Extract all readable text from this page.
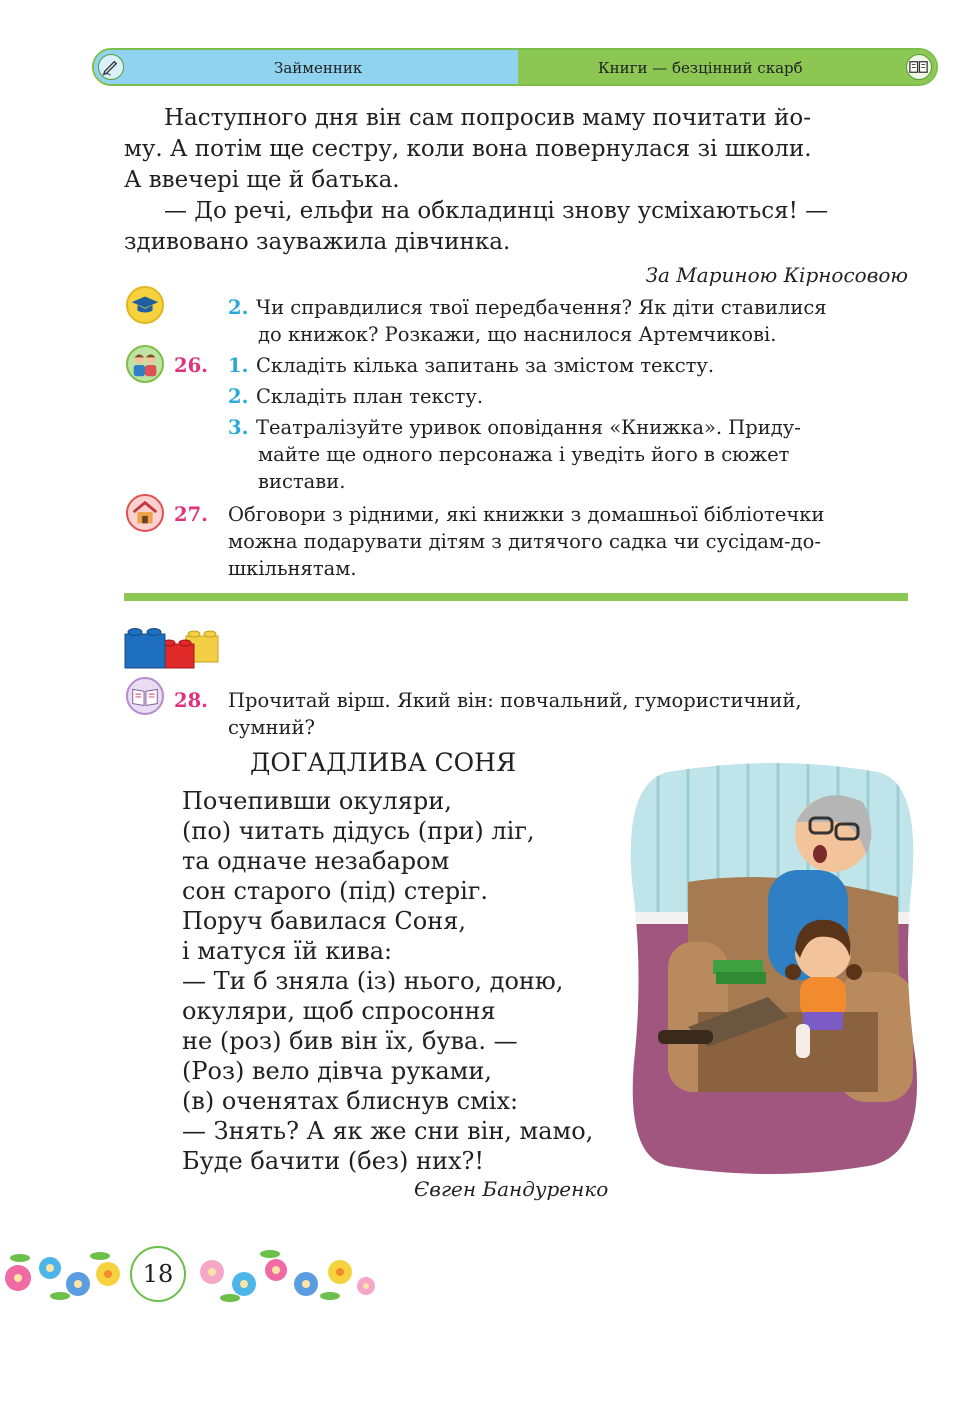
Займенник	Книги — безцінний скарб
Наступного дня він сам попросив маму почитати йо-
му. А потім ще сестру, коли вона повернулася зі школи.
А ввечері ще й батька.
— До речі, ельфи на обкладинці знову усміхаються! —
здивовано зауважила дівчинка.
За Мариною Кірносовою
2. Чи справдилися твої передбачення? Як діти ставилися
до книжок? Розкажи, що наснилося Артемчикові.
26. 1. Складіть кілька запитань за змістом тексту.
2. Складіть план тексту.
3. Театралізуйте уривок оповідання «Книжка». Приду-
майте ще одного персонажа і уведіть його в сюжет
вистави.
27. Обговори з рідними, які книжки з домашньої бібліотечки
можна подарувати дітям з дитячого садка чи сусідам-до-
шкільнятам.
28. Прочитай вірш. Який він: повчальний, гумористичний,
сумний?
ДОГАДЛИВА СОНЯ
Почепивши окуляри,
(по) читать дідусь (при) ліг,
та одначе незабаром
сон старого (під) стеріг.
Поруч бавилася Соня,
і матуся їй кива:
— Ти б зняла (із) нього, доню,
окуляри, щоб спросоння
не (роз) бив він їх, бува. —
(Роз) вело дівча руками,
(в) оченятах блиснув сміх:
— Знять? А як же сни він, мамо,
Буде бачити (без) них?!
Євген Бандуренко
18
